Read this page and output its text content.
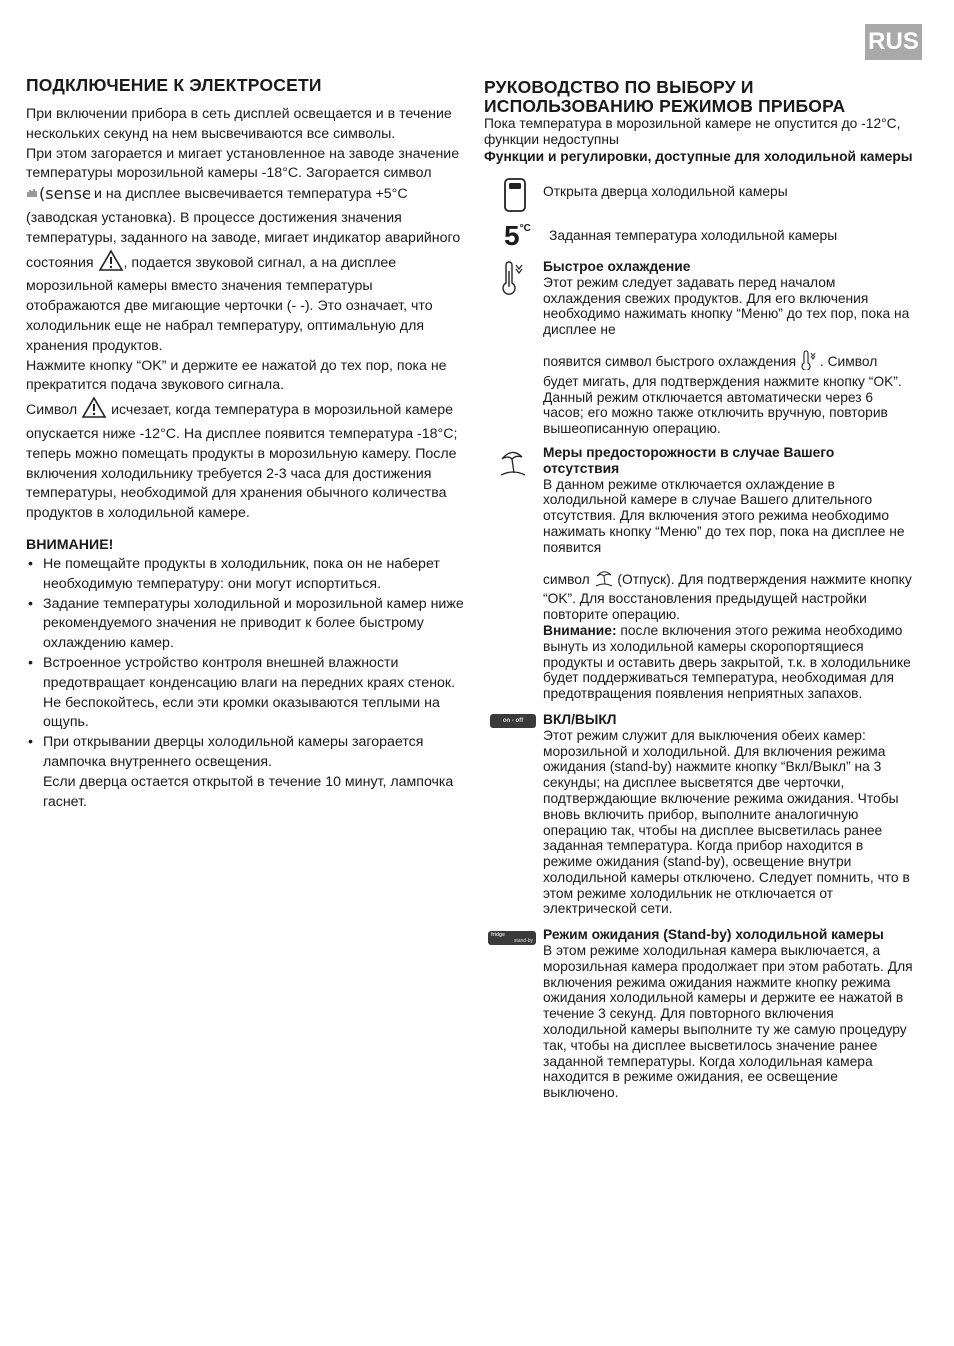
RUS
ПОДКЛЮЧЕНИЕ К ЭЛЕКТРОСЕТИ

При включении прибора в сеть дисплей освещается и в течение нескольких секунд на нем высвечиваются все символы.

При этом загорается и мигает установленное на заводе значение температуры морозильной камеры -18°С. Загорается символ
(sense и на дисплее высвечивается температура +5°С (заводская установка). В процессе достижения значения температуры, заданного на заводе, мигает индикатор аварийного состояния , подается звуковой сигнал, а на дисплее морозильной камеры вместо значения температуры отображаются две мигающие черточки (- -). Это означает, что холодильник еще не набрал температуру, оптимальную для хранения продуктов.

Нажмите кнопку “OK” и держите ее нажатой до тех пор, пока не прекратится подача звукового сигнала.

Символ исчезает, когда температура в морозильной камере опускается ниже -12°С. На дисплее появится температура -18°С; теперь можно помещать продукты в морозильную камеру. После включения холодильнику требуется 2-3 часа для достижения температуры, необходимой для хранения обычного количества продуктов в холодильной камере.

ВНИМАНИЕ!

• Не помещайте продукты в холодильник, пока он не наберет необходимую температуру: они могут испортиться.
• Задание температуры холодильной и морозильной камер ниже рекомендуемого значения не приводит к более быстрому охлаждению камер.
• Встроенное устройство контроля внешней влажности предотвращает конденсацию влаги на передних краях стенок. Не беспокойтесь, если эти кромки оказываются теплыми на ощупь.
• При открывании дверцы холодильной камеры загорается лампочка внутреннего освещения.
Если дверца остается открытой в течение 10 минут, лампочка гаснет.
РУКОВОДСТВО ПО ВЫБОРУ И
ИСПОЛЬЗОВАНИЮ РЕЖИМОВ ПРИБОРА

Пока температура в морозильной камере не опустится до -12°С, функции недоступны

Функции и регулировки, доступные для холодильной камеры

Открыта дверца холодильной камеры
$5^{^\circ C}$ Заданная температура холодильной камеры

Быстрое охлаждение

Этот режим следует задавать перед началом охлаждения свежих продуктов. Для его включения необходимо нажимать кнопку “Меню” до тех пор, пока на дисплее не

появится символ быстрого охлаждения . Символ будет мигать, для подтверждения нажмите кнопку “OK”. Данный режим отключается автоматически через 6 часов; его можно также отключить вручную, повторив вышеописанную операцию.

Меры предосторожности в случае Вашего отсутствия

В данном режиме отключается охлаждение в холодильной камере в случае Вашего длительного отсутствия. Для включения этого режима необходимо нажимать кнопку “Меню” до тех пор, пока на дисплее не появится

символ (Отпуск). Для подтверждения нажмите кнопку “OK”. Для восстановления предыдущей настройки повторите операцию.

Внимание: после включения этого режима необходимо вынуть из холодильной камеры скоропортящиеся продукты и оставить дверь закрытой, т.к. в холодильнике будет поддерживаться температура, необходимая для предотвращения появления неприятных запахов.

on - off	ВКЛ/ВЫКЛ

Этот режим служит для выключения обеих камер: морозильной и холодильной. Для включения режима ожидания (stand-by) нажмите кнопку “Вкл/Выкл” на 3 секунды; на дисплее высветятся две черточки, подтверждающие включение режима ожидания. Чтобы вновь включить прибор, выполните аналогичную операцию так, чтобы на дисплее высветилась ранее заданная температура. Когда прибор находится в режиме ожидания (stand-by), освещение внутри холодильной камеры отключено. Следует помнить, что в этом режиме холодильник не отключается от электрической сети.

fridge
stand-by Режим ожидания (Stand-by) холодильной камеры

В этом режиме холодильная камера выключается, а морозильная камера продолжает при этом работать. Для включения режима ожидания нажмите кнопку режима ожидания холодильной камеры и держите ее нажатой в течение 3 секунд. Для повторного включения холодильной камеры выполните ту же самую процедуру так, чтобы на дисплее высветилось значение ранее заданной температуры. Когда холодильная камера находится в режиме ожидания, ее освещение выключено.
